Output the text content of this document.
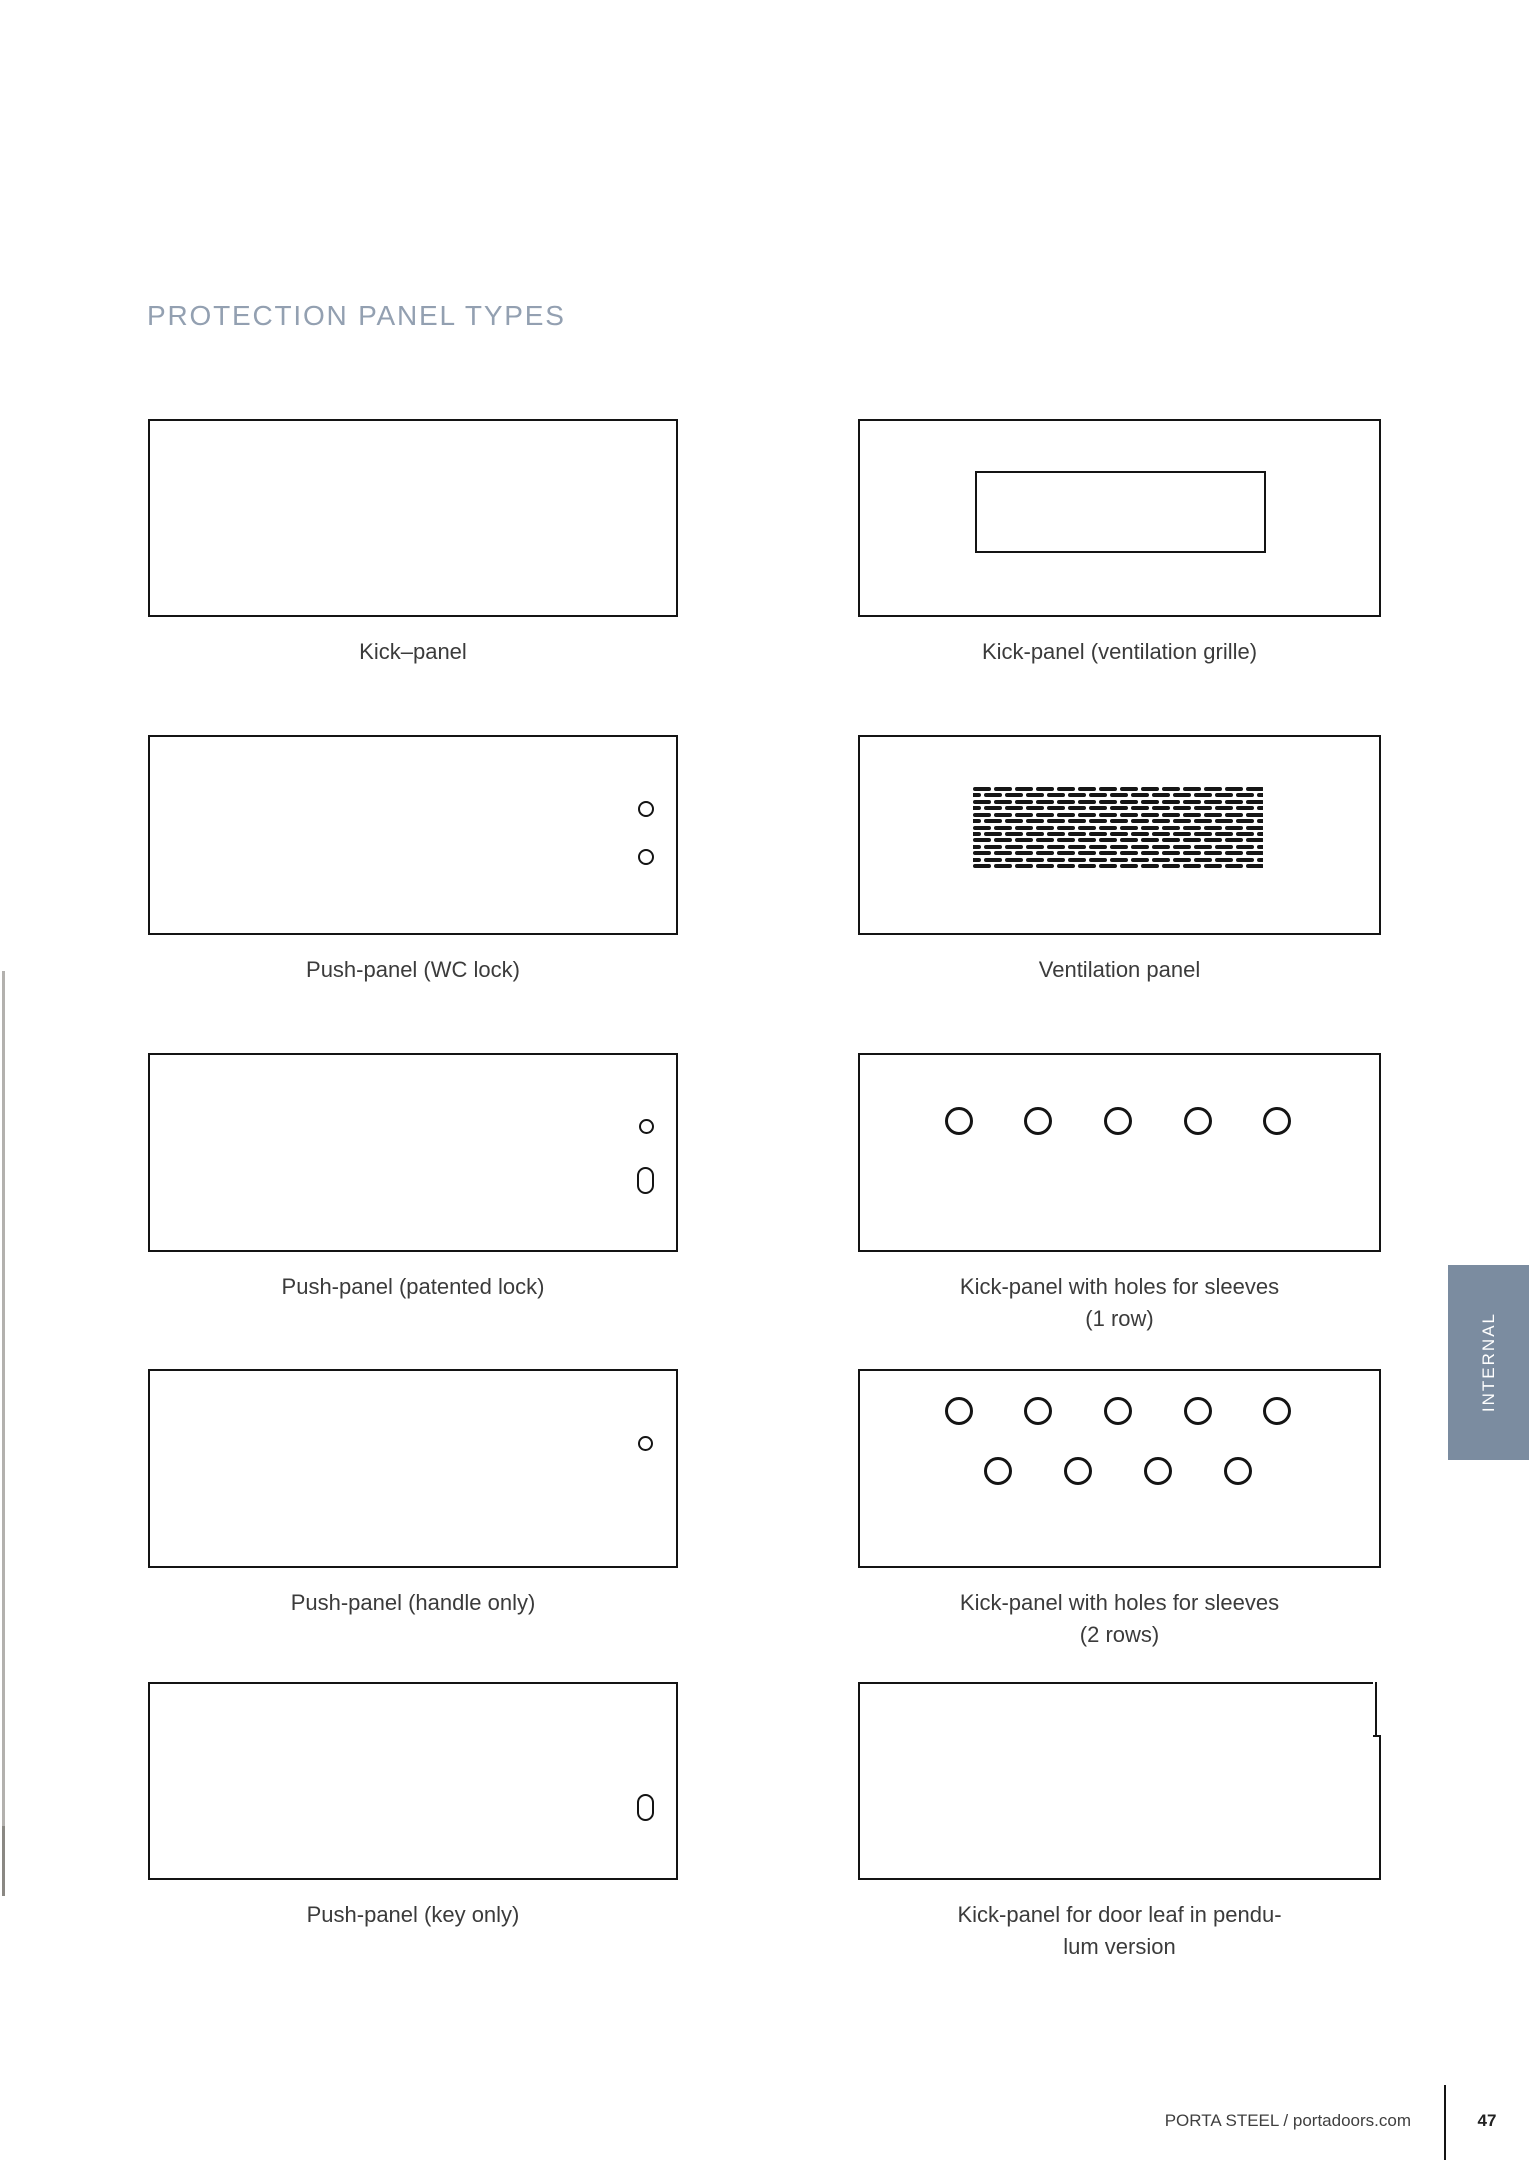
PROTECTION PANEL TYPES
Kick–panel	Kick-panel (ventilation grille)
Push-panel (WC lock)	Ventilation panel
Push-panel (patented lock)	Kick-panel with holes for sleeves
(1 row)
Push-panel (handle only)	Kick-panel with holes for sleeves
(2 rows)
Push-panel (key only)	Kick-panel for door leaf in pendu-
lum version
INTERNAL
PORTA STEEL / portadoors.com	47
